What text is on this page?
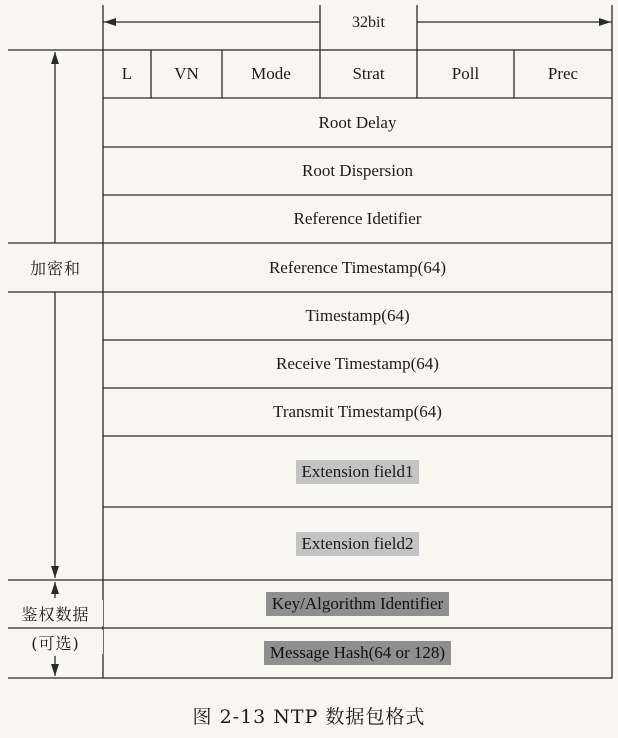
32bit
L	VN	Mode	Strat	Poll	Prec
Root Delay
Root Dispersion
Reference Idetifier
Reference Timestamp(64)
Timestamp(64)
Receive Timestamp(64)
Transmit Timestamp(64)
Extension field1
Extension field2
Key/Algorithm Identifier
Message Hash(64 or 128)
加密和
鉴权数据
(可选)
图 2-13 NTP 数据包格式
